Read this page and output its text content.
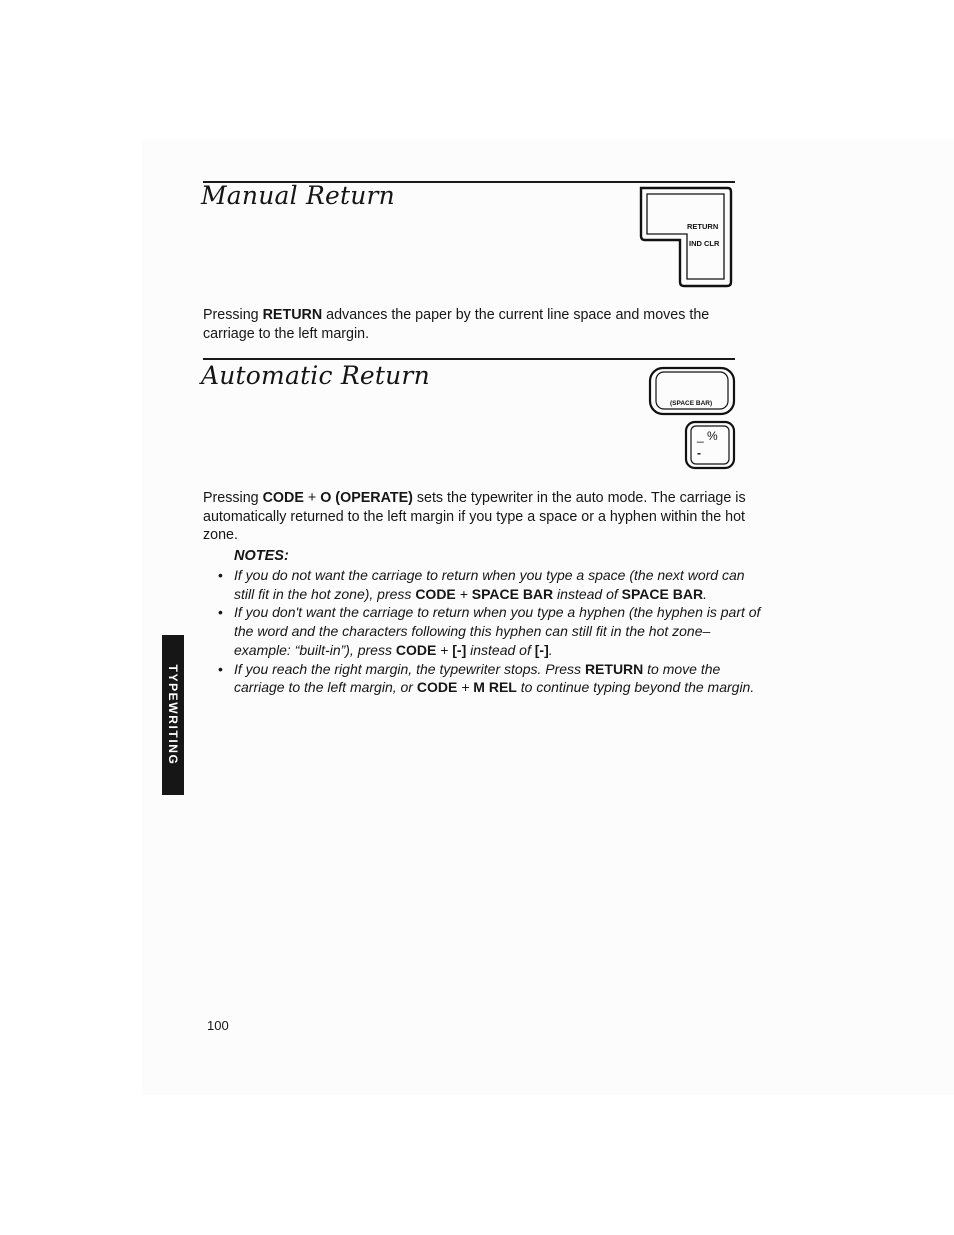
Manual Return
RETURN
IND CLR

Pressing RETURN advances the paper by the current line space and moves the carriage to the left margin.

Automatic Return
(SPACE BAR)
_ %
-

Pressing CODE + O (OPERATE) sets the typewriter in the auto mode. The carriage is automatically returned to the left margin if you type a space or a hyphen within the hot zone.

NOTES:

• If you do not want the carriage to return when you type a space (the next word can still fit in the hot zone), press CODE + SPACE BAR instead of SPACE BAR.
• If you don't want the carriage to return when you type a hyphen (the hyphen is part of the word and the characters following this hyphen can still fit in the hot zone– example: “built-in”), press CODE + [-] instead of [-].
• If you reach the right margin, the typewriter stops. Press RETURN to move the carriage to the left margin, or CODE + M REL to continue typing beyond the margin.
TYPEWRITING
100
